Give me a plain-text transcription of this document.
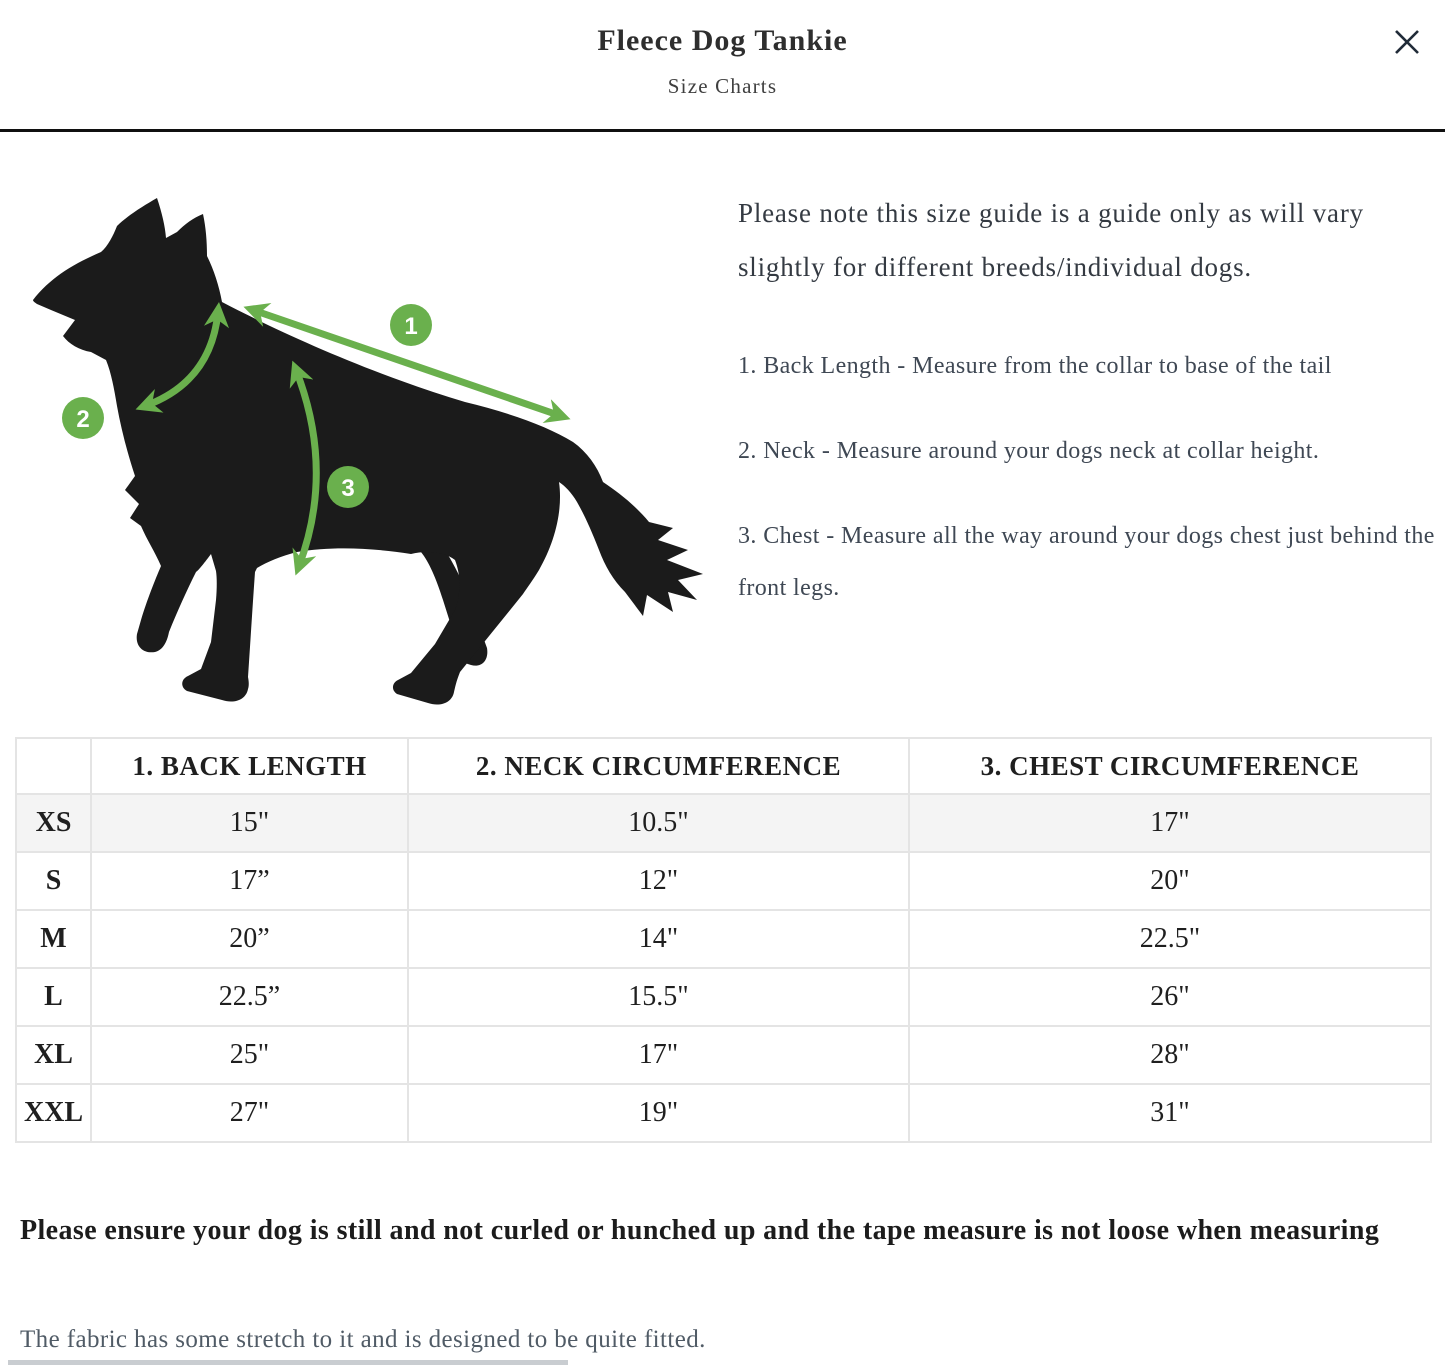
Fleece Dog Tankie
Size Charts
1
2
3

Please note this size guide is a guide only as will vary slightly for different breeds/individual dogs.

1. Back Length - Measure from the collar to base of the tail

2. Neck - Measure around your dogs neck at collar height.

3. Chest - Measure all the way around your dogs chest just behind the front legs.

	1. BACK LENGTH	2. NECK CIRCUMFERENCE	3. CHEST CIRCUMFERENCE
XS	15"	10.5"	17"
S	17”	12"	20"
M	20”	14"	22.5"
L	22.5”	15.5"	26"
XL	25"	17"	28"
XXL	27"	19"	31"

Please ensure your dog is still and not curled or hunched up and the tape measure is not loose when measuring

The fabric has some stretch to it and is designed to be quite fitted.
